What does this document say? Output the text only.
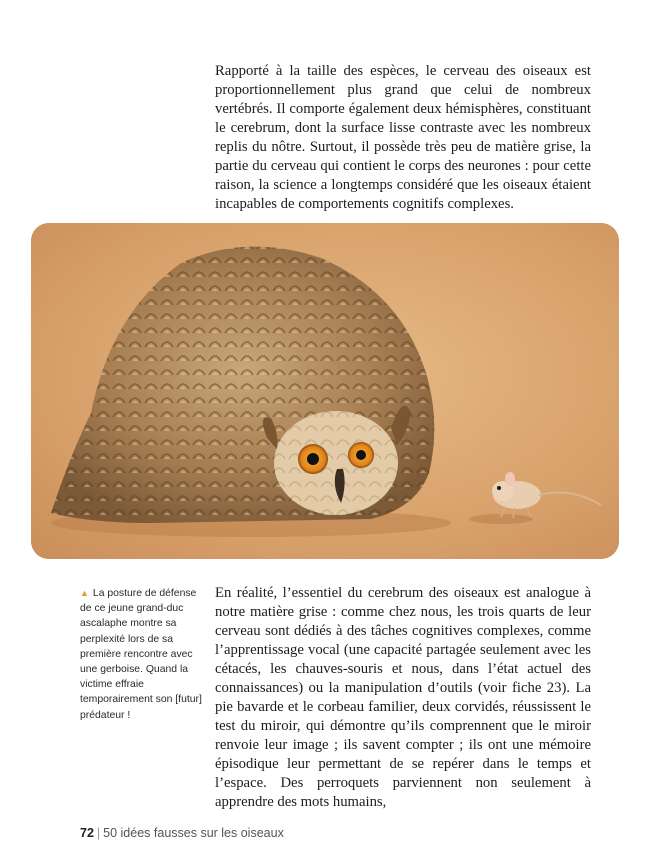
Rapporté à la taille des espèces, le cerveau des oiseaux est proportionnellement plus grand que celui de nombreux vertébrés. Il comporte également deux hémisphères, constituant le cerebrum, dont la surface lisse contraste avec les nombreux replis du nôtre. Surtout, il possède très peu de matière grise, la partie du cerveau qui contient le corps des neurones : pour cette raison, la science a longtemps considéré que les oiseaux étaient incapables de comportements cognitifs complexes.

▲ La posture de défense de ce jeune grand-duc ascalaphe montre sa perplexité lors de sa première rencontre avec une gerboise. Quand la victime effraie temporairement son [futur] prédateur !

En réalité, l’essentiel du cerebrum des oiseaux est analogue à notre matière grise : comme chez nous, les trois quarts de leur cerveau sont dédiés à des tâches cognitives complexes, comme l’apprentissage vocal (une capacité partagée seulement avec les cétacés, les chauves-souris et nous, dans l’état actuel des connaissances) ou la manipulation d’outils (voir fiche 23). La pie bavarde et le corbeau familier, deux corvidés, réussissent le test du miroir, qui démontre qu’ils comprennent que le miroir renvoie leur image ; ils savent compter ; ils ont une mémoire épisodique leur permettant de se repérer dans le temps et l’espace. Des perroquets parviennent non seulement à apprendre des mots humains,

72 | 50 idées fausses sur les oiseaux
